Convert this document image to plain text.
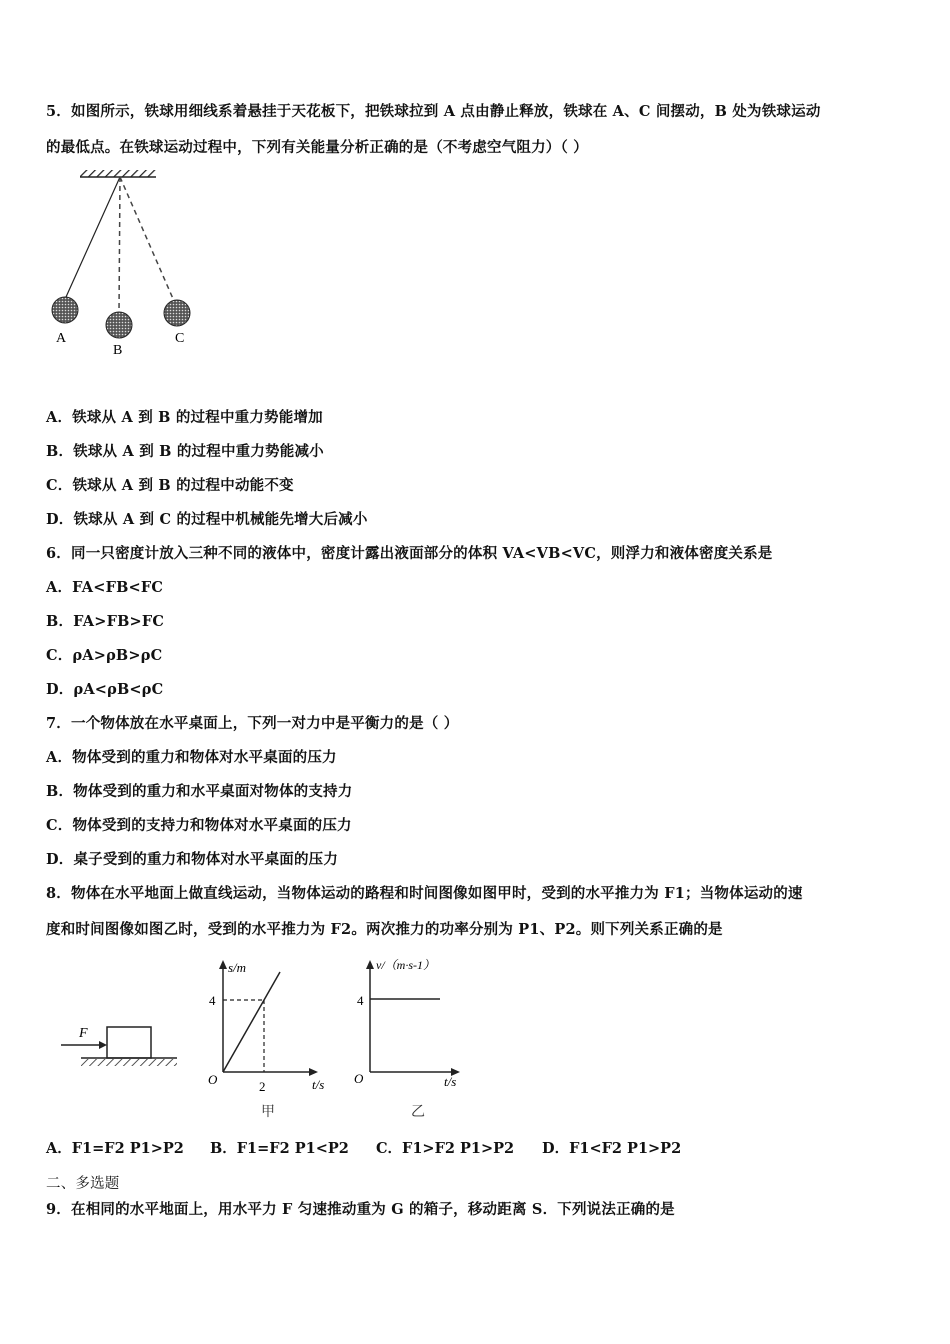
5．如图所示，铁球用细线系着悬挂于天花板下，把铁球拉到 A 点由静止释放，铁球在 A、C 间摆动，B 处为铁球运动
的最低点。在铁球运动过程中，下列有关能量分析正确的是（不考虑空气阻力）（ ）
A
B
C
A．铁球从 A 到 B 的过程中重力势能增加
B．铁球从 A 到 B 的过程中重力势能减小
C．铁球从 A 到 B 的过程中动能不变
D．铁球从 A 到 C 的过程中机械能先增大后减小
6．同一只密度计放入三种不同的液体中，密度计露出液面部分的体积 VA<VB<VC，则浮力和液体密度关系是
A．FA<FB<FC
B．FA>FB>FC
C．ρA>ρB>ρC
D．ρA<ρB<ρC
7．一个物体放在水平桌面上，下列一对力中是平衡力的是（ ）
A．物体受到的重力和物体对水平桌面的压力
B．物体受到的重力和水平桌面对物体的支持力
C．物体受到的支持力和物体对水平桌面的压力
D．桌子受到的重力和物体对水平桌面的压力
8．物体在水平地面上做直线运动，当物体运动的路程和时间图像如图甲时，受到的水平推力为 F1；当物体运动的速
度和时间图像如图乙时，受到的水平推力为 F2。两次推力的功率分别为 P1、P2。则下列关系正确的是
F
s/m
t/s
O
4
2
甲
v/（m·s-1）
t/s
O
4
乙
A．F1=F2 P1>P2 B．F1=F2 P1<P2 C．F1>F2 P1>P2 D．F1<F2 P1>P2
二、多选题
9．在相同的水平地面上，用水平力 F 匀速推动重为 G 的箱子，移动距离 S．下列说法正确的是
